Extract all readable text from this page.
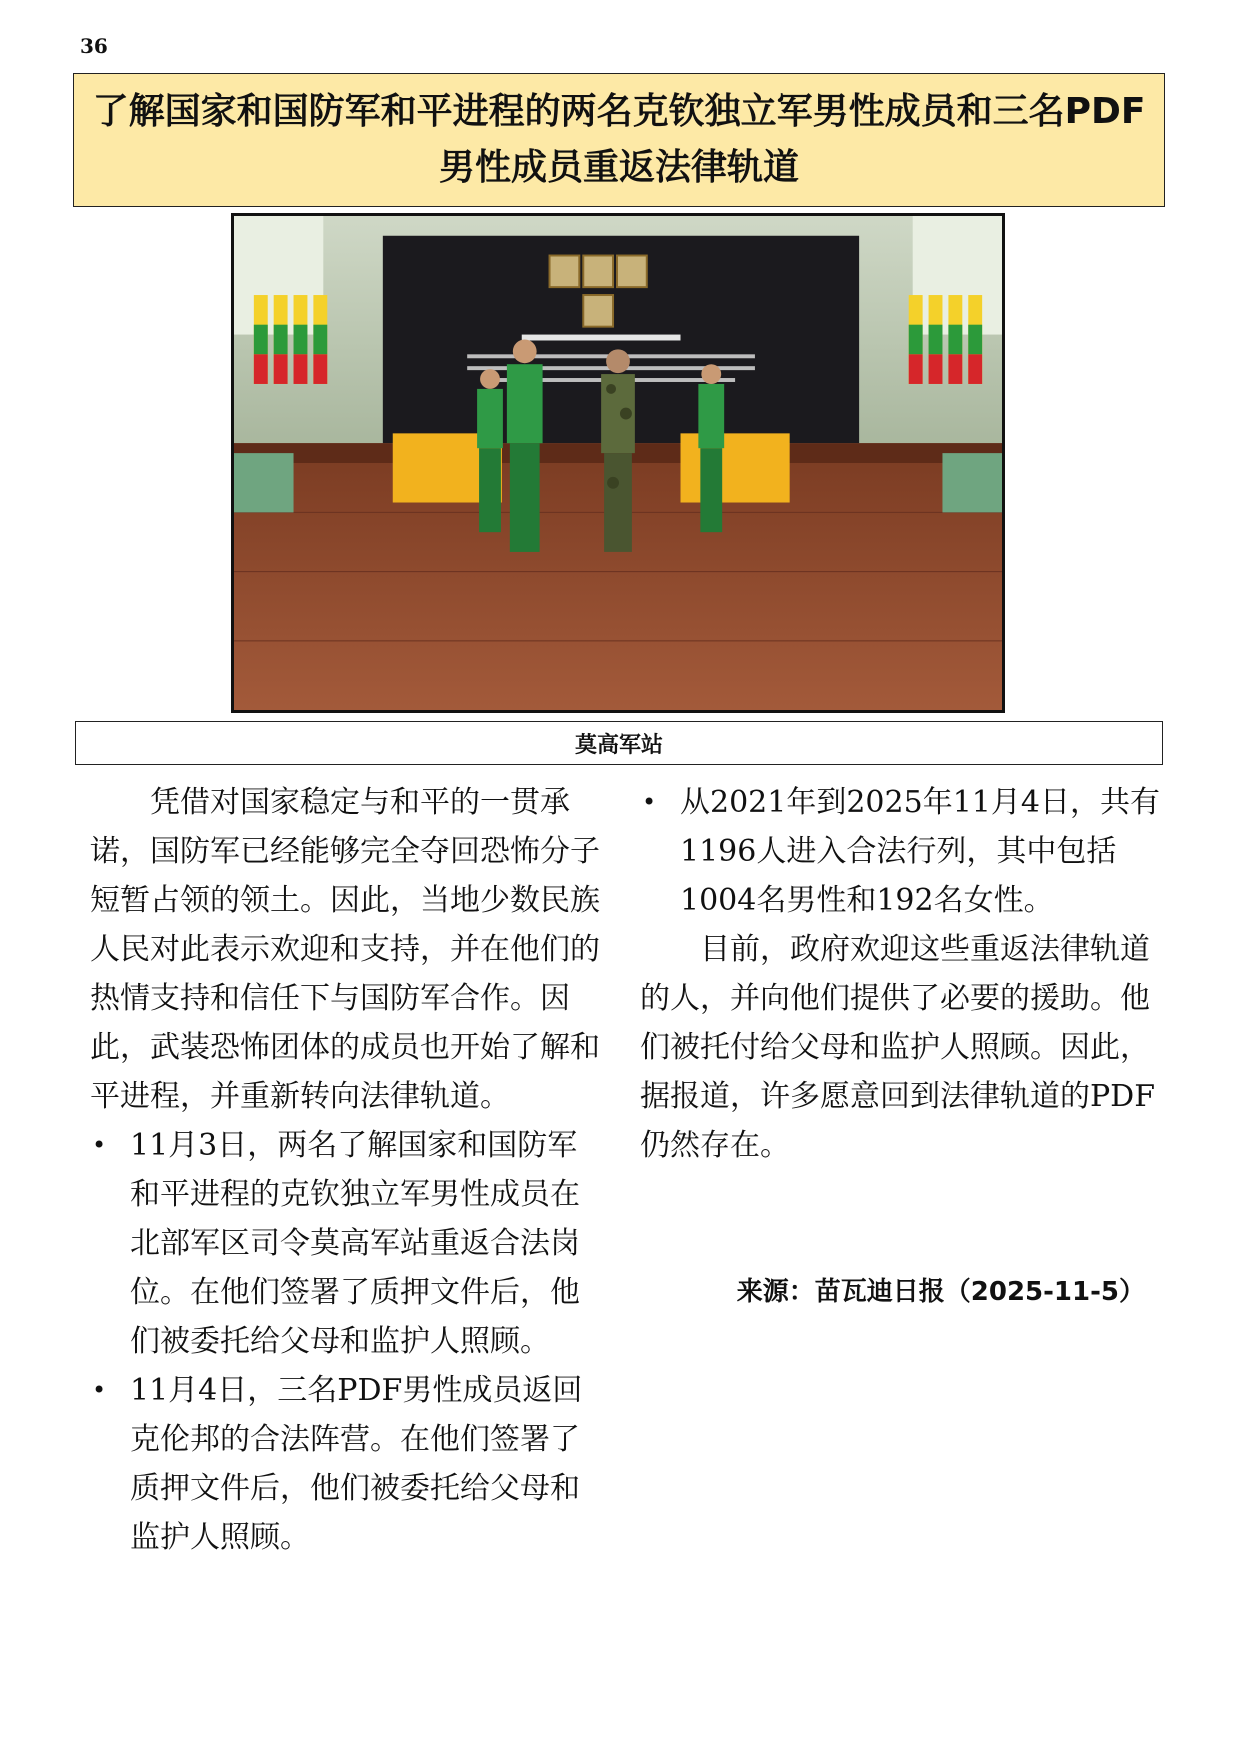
36
了解国家和国防军和平进程的两名克钦独立军男性成员和三名PDF
男性成员重返法律轨道
莫高军站

凭借对国家稳定与和平的一贯承诺，国防军已经能够完全夺回恐怖分子短暂占领的领土。因此，当地少数民族人民对此表示欢迎和支持，并在他们的热情支持和信任下与国防军合作。因此，武装恐怖团体的成员也开始了解和平进程，并重新转向法律轨道。

• 11月3日，两名了解国家和国防军和平进程的克钦独立军男性成员在北部军区司令莫高军站重返合法岗位。在他们签署了质押文件后，他们被委托给父母和监护人照顾。
• 11月4日，三名PDF男性成员返回克伦邦的合法阵营。在他们签署了质押文件后，他们被委托给父母和监护人照顾。
• 从2021年到2025年11月4日，共有1196人进入合法行列，其中包括1004名男性和192名女性。

目前，政府欢迎这些重返法律轨道的人，并向他们提供了必要的援助。他们被托付给父母和监护人照顾。因此，据报道，许多愿意回到法律轨道的PDF仍然存在。

来源：苗瓦迪日报（2025-11-5）
